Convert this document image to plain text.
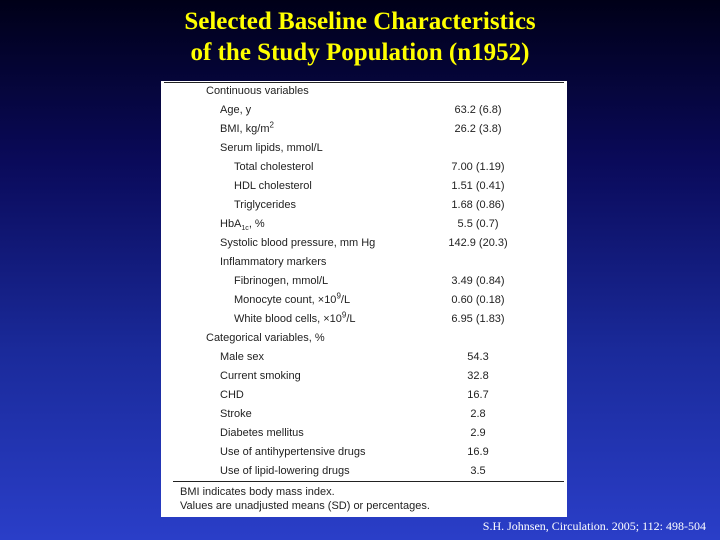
Selected Baseline Characteristics
of the Study Population (n1952)
Continuous variables
Age, y	63.2 (6.8)
BMI, $kg/m^2$	26.2 (3.8)
Serum lipids, mmol/L
Total cholesterol	7.00 (1.19)
HDL cholesterol	1.51 (0.41)
Triglycerides	1.68 (0.86)
HbA$_{1c}$, %	5.5 (0.7)
Systolic blood pressure, mm Hg	142.9 (20.3)
Inflammatory markers
Fibrinogen, mmol/L	3.49 (0.84)
Monocyte count, $\times 10^9/L$	0.60 (0.18)
White blood cells, $\times 10^9/L$	6.95 (1.83)
Categorical variables, %
Male sex	54.3
Current smoking	32.8
CHD	16.7
Stroke	2.8
Diabetes mellitus	2.9
Use of antihypertensive drugs	16.9
Use of lipid-lowering drugs	3.5
BMI indicates body mass index.
Values are unadjusted means (SD) or percentages.
S.H. Johnsen, Circulation. 2005; 112: 498-504
